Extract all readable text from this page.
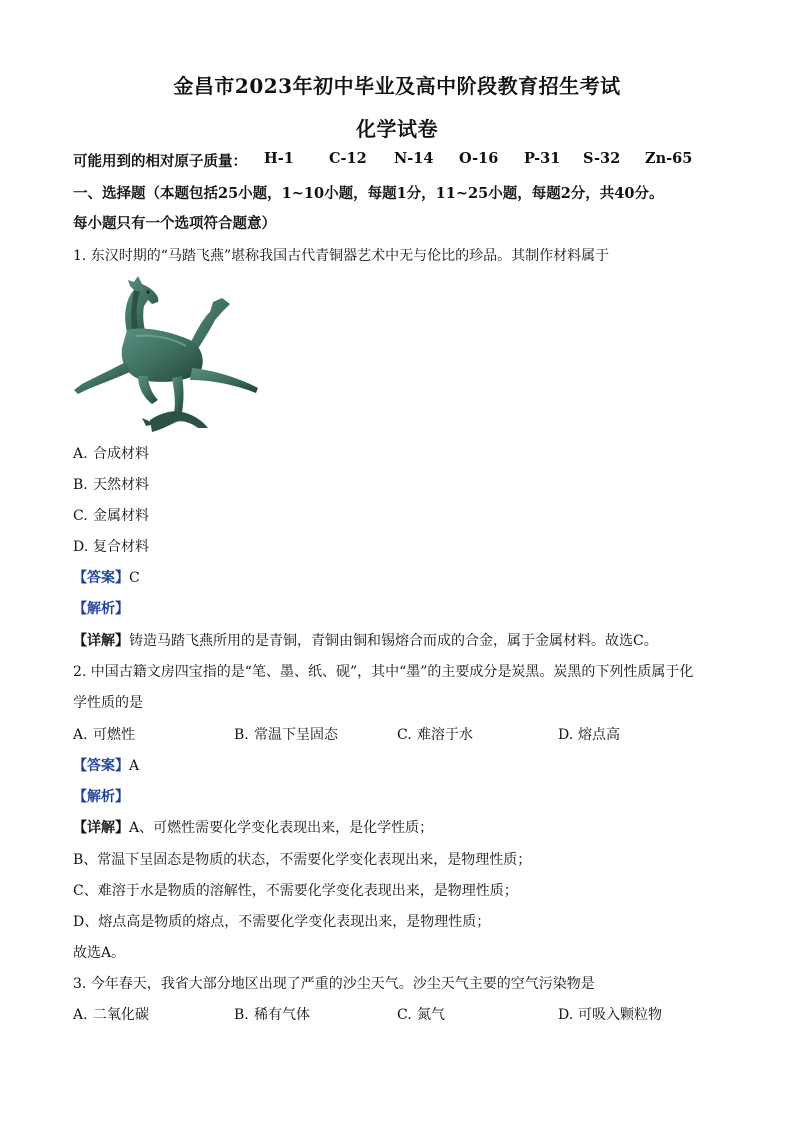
金昌市2023年初中毕业及高中阶段教育招生考试
化学试卷
可能用到的相对原子质量： H-1 C-12 N-14 O-16 P-31 S-32 Zn-65
一、选择题（本题包括25小题，1~10小题，每题1分，11~25小题，每题2分，共40分。
每小题只有一个选项符合题意）
1. 东汉时期的“马踏飞燕”堪称我国古代青铜器艺术中无与伦比的珍品。其制作材料属于
A. 合成材料
B. 天然材料
C. 金属材料
D. 复合材料
【答案】C
【解析】
【详解】铸造马踏飞燕所用的是青铜，青铜由铜和锡熔合而成的合金，属于金属材料。故选C。
2. 中国古籍文房四宝指的是“笔、墨、纸、砚”，其中“墨”的主要成分是炭黑。炭黑的下列性质属于化
学性质的是
A. 可燃性	B. 常温下呈固态	C. 难溶于水	D. 熔点高
【答案】A
【解析】
【详解】A、可燃性需要化学变化表现出来，是化学性质；
B、常温下呈固态是物质的状态，不需要化学变化表现出来，是物理性质；
C、难溶于水是物质的溶解性，不需要化学变化表现出来，是物理性质；
D、熔点高是物质的熔点，不需要化学变化表现出来，是物理性质；
故选A。
3. 今年春天，我省大部分地区出现了严重的沙尘天气。沙尘天气主要的空气污染物是
A. 二氧化碳	B. 稀有气体	C. 氮气	D. 可吸入颗粒物
